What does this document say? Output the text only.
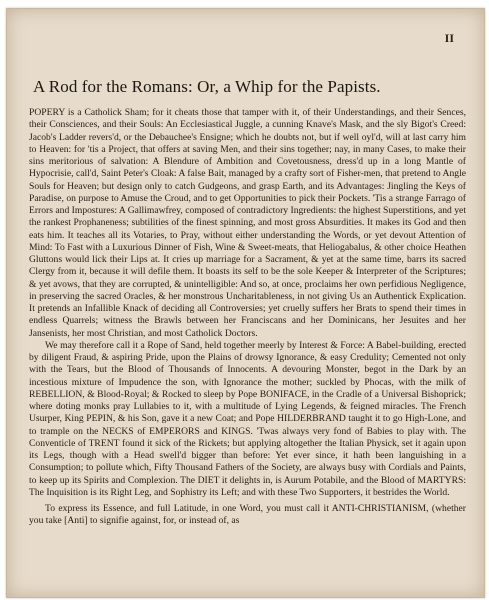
II
A Rod for the Romans: Or, a Whip for the Papists.

POPERY is a Catholick Sham; for it cheats those that tamper with it, of their Understandings, and their Sences, their Consciences, and their Souls: An Ecclesiastical Juggle, a cunning Knave's Mask, and the sly Bigot's Creed: Jacob's Ladder revers'd, or the Debauchee's Ensigne; which he doubts not, but if well oyl'd, will at last carry him to Heaven: for 'tis a Project, that offers at saving Men, and their sins together; nay, in many Cases, to make their sins meritorious of salvation: A Blendure of Ambition and Covetousness, dress'd up in a long Mantle of Hypocrisie, call'd, Saint Peter's Cloak: A false Bait, managed by a crafty sort of Fisher-men, that pretend to Angle Souls for Heaven; but design only to catch Gudgeons, and grasp Earth, and its Advantages: Jingling the Keys of Paradise, on purpose to Amuse the Croud, and to get Opportunities to pick their Pockets. 'Tis a strange Farrago of Errors and Impostures: A Gallimawfrey, composed of contradictory Ingredients: the highest Superstitions, and yet the rankest Prophaneness; subtilities of the finest spinning, and most gross Absurdities. It makes its God and then eats him. It teaches all its Votaries, to Pray, without either understanding the Words, or yet devout Attention of Mind: To Fast with a Luxurious Dinner of Fish, Wine & Sweet-meats, that Heliogabalus, & other choice Heathen Gluttons would lick their Lips at. It cries up marriage for a Sacrament, & yet at the same time, barrs its sacred Clergy from it, because it will defile them. It boasts its self to be the sole Keeper & Interpreter of the Scriptures; & yet avows, that they are corrupted, & unintelligible: And so, at once, proclaims her own perfidious Negligence, in preserving the sacred Oracles, & her monstrous Uncharitableness, in not giving Us an Authentick Explication. It pretends an Infallible Knack of deciding all Controversies; yet cruelly suffers her Brats to spend their times in endless Quarrels; witness the Brawls between her Franciscans and her Dominicans, her Jesuites and her Jansenists, her most Christian, and most Catholick Doctors.

We may therefore call it a Rope of Sand, held together meerly by Interest & Force: A Babel-building, erected by diligent Fraud, & aspiring Pride, upon the Plains of drowsy Ignorance, & easy Credulity; Cemented not only with the Tears, but the Blood of Thousands of Innocents. A devouring Monster, begot in the Dark by an incestious mixture of Impudence the son, with Ignorance the mother; suckled by Phocas, with the milk of REBELLION, & Blood-Royal; & Rocked to sleep by Pope BONIFACE, in the Cradle of a Universal Bishoprick; where doting monks pray Lullabies to it, with a multitude of Lying Legends, & feigned miracles. The French Usurper, King PEPIN, & his Son, gave it a new Coat; and Pope HILDERBRAND taught it to go High-Lone, and to trample on the NECKS of EMPERORS and KINGS. 'Twas always very fond of Babies to play with. The Conventicle of TRENT found it sick of the Rickets; but applying altogether the Italian Physick, set it again upon its Legs, though with a Head swell'd bigger than before: Yet ever since, it hath been languishing in a Consumption; to pollute which, Fifty Thousand Fathers of the Society, are always busy with Cordials and Paints, to keep up its Spirits and Complexion. The DIET it delights in, is Aurum Potabile, and the Blood of MARTYRS: The Inquisition is its Right Leg, and Sophistry its Left; and with these Two Supporters, it bestrides the World.

To express its Essence, and full Latitude, in one Word, you must call it ANTI-CHRISTIANISM, (whether you take [Anti] to signifie against, for, or instead of, as
